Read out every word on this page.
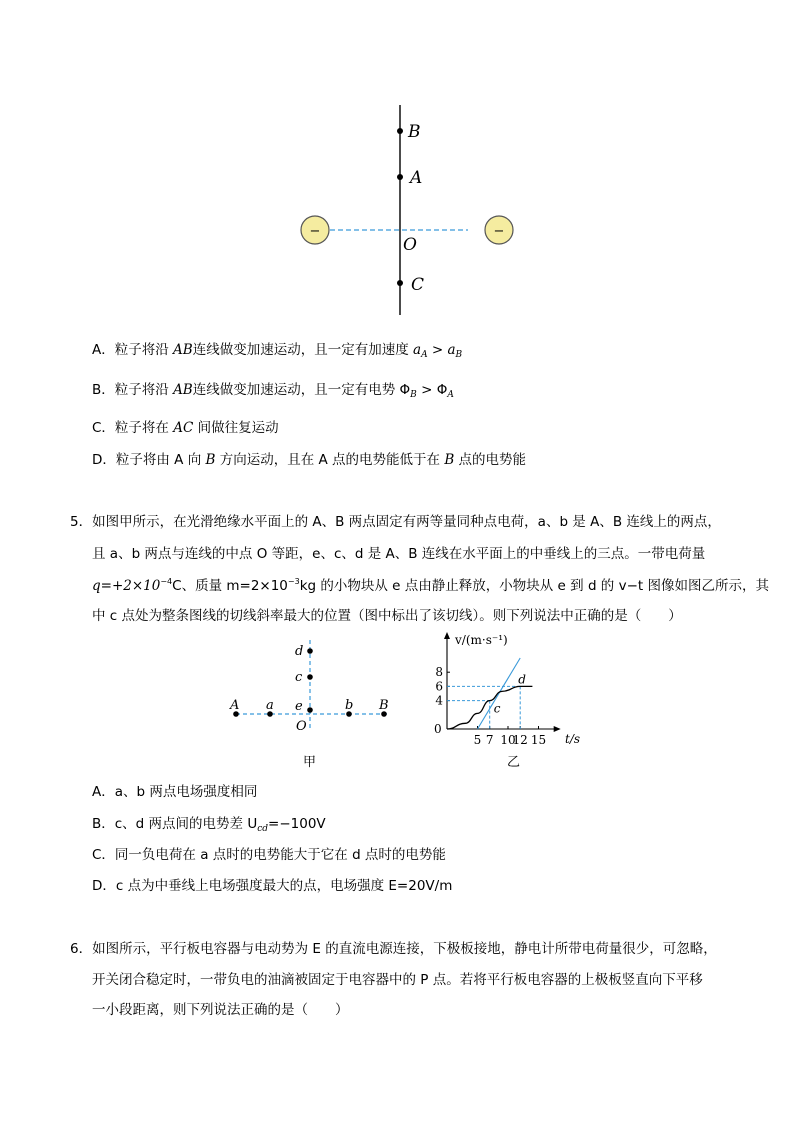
−	−
B
A
O
C
A．粒子将沿 AB连线做变加速运动，且一定有加速度 $a_A > a_B$
B．粒子将沿 AB连线做变加速运动，且一定有电势 $\Phi_B > \Phi_A$
C．粒子将在 AC 间做往复运动
D．粒子将由 A 向 B 方向运动，且在 A 点的电势能低于在 B 点的电势能
5．如图甲所示，在光滑绝缘水平面上的 A、B 两点固定有两等量同种点电荷，a、b 是 A、B 连线上的两点，
且 a、b 两点与连线的中点 O 等距，e、c、d 是 A、B 连线在水平面上的中垂线上的三点。一带电荷量
$q=+2\times 10^{-4}C$、质量 $m=2\times 10^{-3}kg$ 的小物块从 e 点由静止释放，小物块从 e 到 d 的 v−t 图像如图乙所示，其
中 c 点处为整条图线的切线斜率最大的位置（图中标出了该切线）。则下列说法中正确的是（　　）
d
c
e
A a	b B
O
甲
v/(m·s⁻¹)
t/s
0
乙
4
6
8
5 7 10
12 15
c
d
A．a、b 两点电场强度相同
B．c、d 两点间的电势差 $U_{cd}=-100V$
C．同一负电荷在 a 点时的电势能大于它在 d 点时的电势能
D．c 点为中垂线上电场强度最大的点，电场强度 E=20V/m
6．如图所示，平行板电容器与电动势为 E 的直流电源连接，下极板接地，静电计所带电荷量很少，可忽略，
开关闭合稳定时，一带负电的油滴被固定于电容器中的 P 点。若将平行板电容器的上极板竖直向下平移
一小段距离，则下列说法正确的是（　　）
